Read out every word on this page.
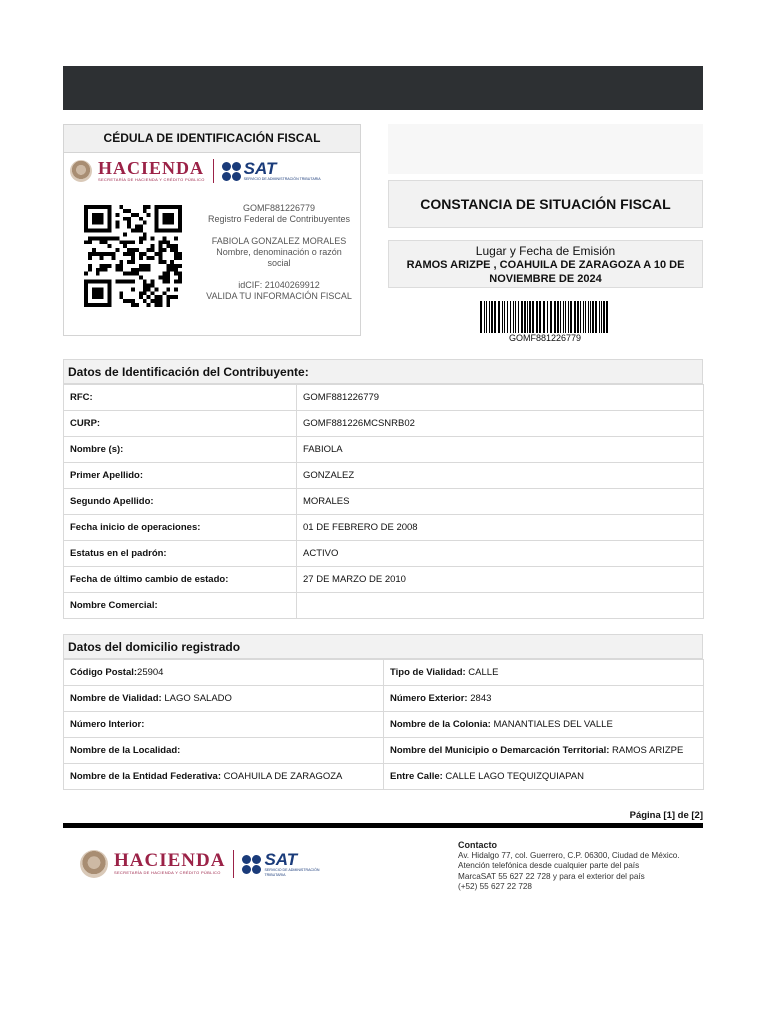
CÉDULA DE IDENTIFICACIÓN FISCAL
HACIENDA
SECRETARÍA DE HACIENDA Y CRÉDITO PÚBLICO
SAT
SERVICIO DE ADMINISTRACIÓN TRIBUTARIA
GOMF881226779
Registro Federal de Contribuyentes
FABIOLA GONZALEZ MORALES
Nombre, denominación o razón social
idCIF: 21040269912
VALIDA TU INFORMACIÓN FISCAL
CONSTANCIA DE SITUACIÓN FISCAL
Lugar y Fecha de Emisión
RAMOS ARIZPE , COAHUILA DE ZARAGOZA A 10 DE NOVIEMBRE DE 2024
GOMF881226779
Datos de Identificación del Contribuyente:
RFC:	GOMF881226779
CURP:	GOMF881226MCSNRB02
Nombre (s):	FABIOLA
Primer Apellido:	GONZALEZ
Segundo Apellido:	MORALES
Fecha inicio de operaciones:	01 DE FEBRERO DE 2008
Estatus en el padrón:	ACTIVO
Fecha de último cambio de estado:	27 DE MARZO DE 2010
Nombre Comercial:	
Datos del domicilio registrado
Código Postal:25904	Tipo de Vialidad: CALLE
Nombre de Vialidad: LAGO SALADO	Número Exterior: 2843
Número Interior:	Nombre de la Colonia: MANANTIALES DEL VALLE
Nombre de la Localidad:	Nombre del Municipio o Demarcación Territorial: RAMOS ARIZPE
Nombre de la Entidad Federativa: COAHUILA DE ZARAGOZA	Entre Calle: CALLE LAGO TEQUIZQUIAPAN
Página [1] de [2]
HACIENDA
SECRETARÍA DE HACIENDA Y CRÉDITO PÚBLICO
SAT
SERVICIO DE ADMINISTRACIÓN TRIBUTARIA
Contacto
Av. Hidalgo 77, col. Guerrero, C.P. 06300, Ciudad de México.
Atención telefónica desde cualquier parte del país
MarcaSAT 55 627 22 728 y para el exterior del país
(+52) 55 627 22 728
